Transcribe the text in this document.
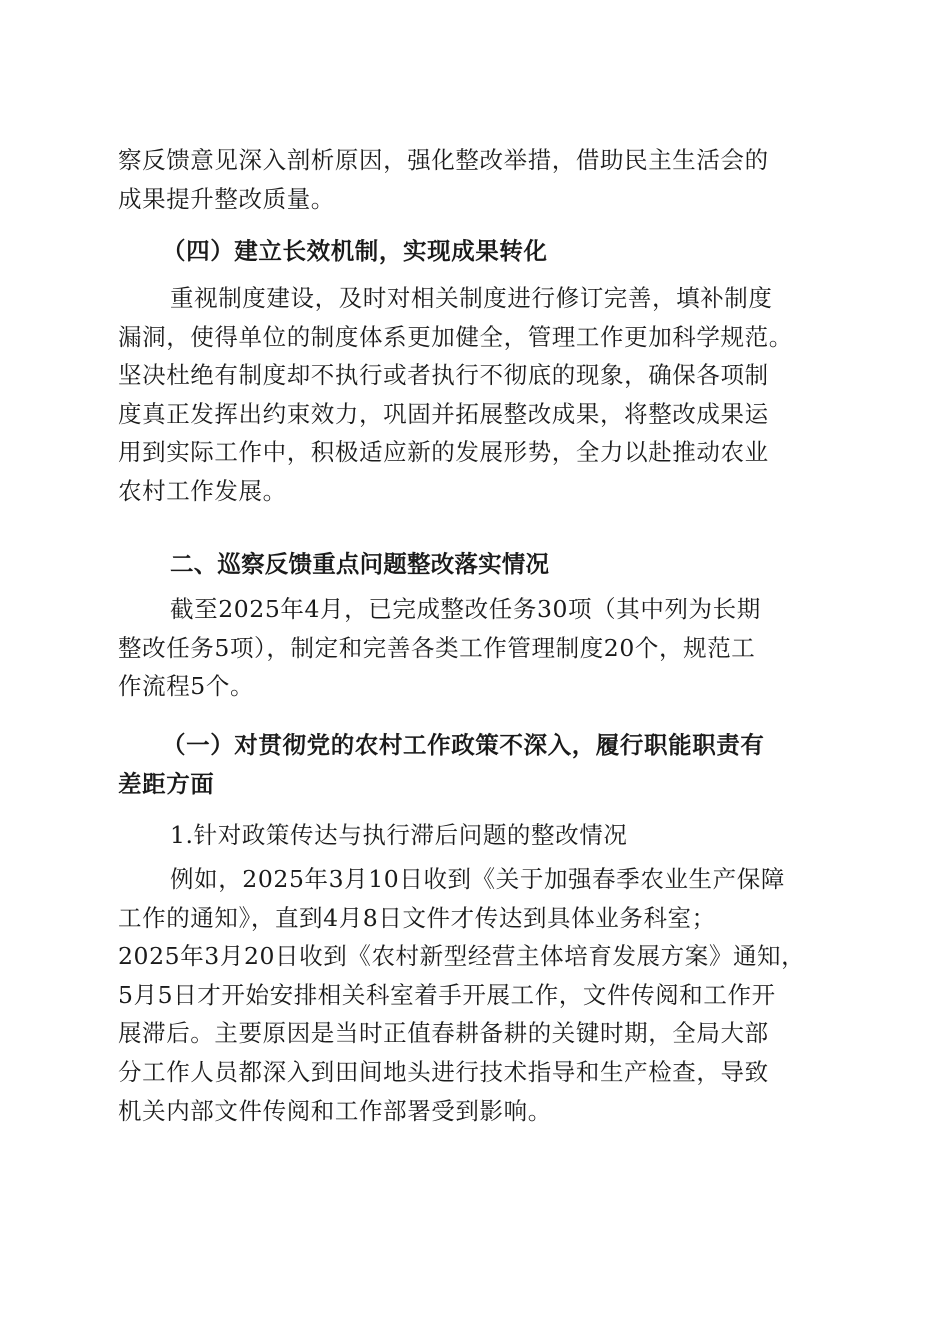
察反馈意见深入剖析原因，强化整改举措，借助民主生活会的
成果提升整改质量。
（四）建立长效机制，实现成果转化
重视制度建设，及时对相关制度进行修订完善，填补制度
漏洞，使得单位的制度体系更加健全，管理工作更加科学规范。
坚决杜绝有制度却不执行或者执行不彻底的现象，确保各项制
度真正发挥出约束效力，巩固并拓展整改成果，将整改成果运
用到实际工作中，积极适应新的发展形势，全力以赴推动农业
农村工作发展。
二、巡察反馈重点问题整改落实情况
截至2025年4月，已完成整改任务30项（其中列为长期
整改任务5项），制定和完善各类工作管理制度20个，规范工
作流程5个。
（一）对贯彻党的农村工作政策不深入，履行职能职责有
差距方面
1.针对政策传达与执行滞后问题的整改情况
例如，2025年3月10日收到《关于加强春季农业生产保障
工作的通知》，直到4月8日文件才传达到具体业务科室；
2025年3月20日收到《农村新型经营主体培育发展方案》通知，
5月5日才开始安排相关科室着手开展工作，文件传阅和工作开
展滞后。主要原因是当时正值春耕备耕的关键时期，全局大部
分工作人员都深入到田间地头进行技术指导和生产检查，导致
机关内部文件传阅和工作部署受到影响。
